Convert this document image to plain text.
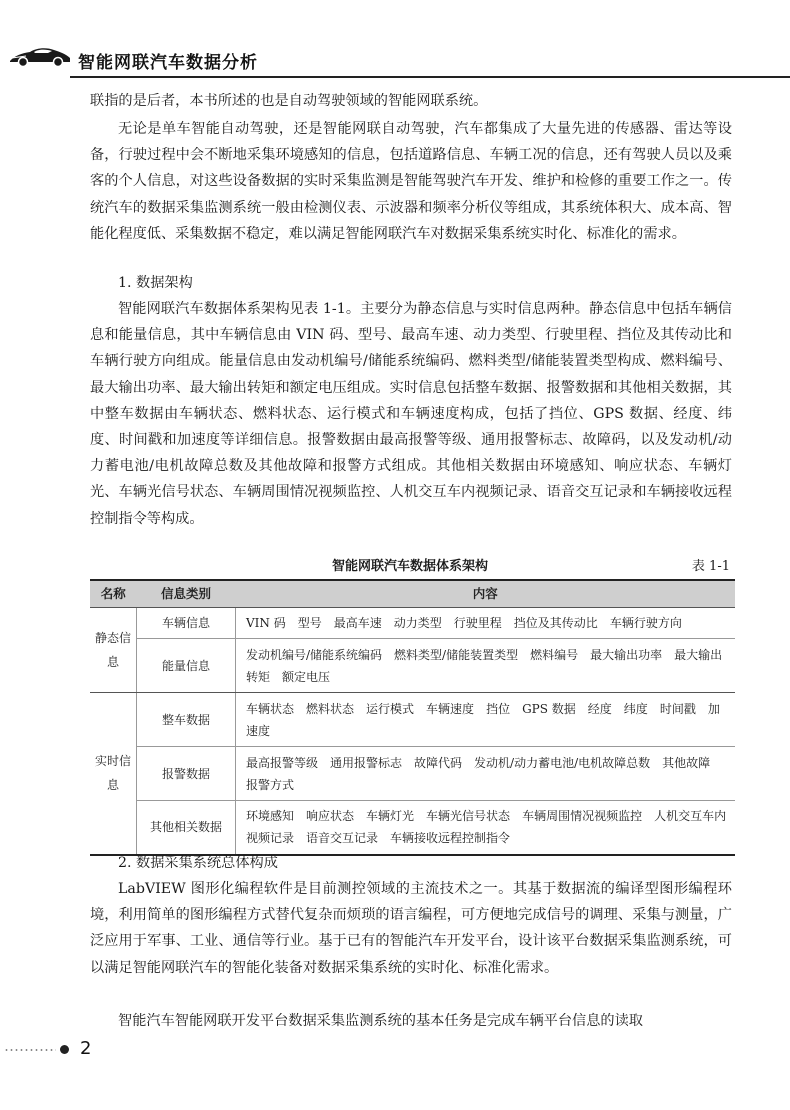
智能网联汽车数据分析

联指的是后者，本书所述的也是自动驾驶领域的智能网联系统。

无论是单车智能自动驾驶，还是智能网联自动驾驶，汽车都集成了大量先进的传感器、雷达等设备，行驶过程中会不断地采集环境感知的信息，包括道路信息、车辆工况的信息，还有驾驶人员以及乘客的个人信息，对这些设备数据的实时采集监测是智能驾驶汽车开发、维护和检修的重要工作之一。传统汽车的数据采集监测系统一般由检测仪表、示波器和频率分析仪等组成，其系统体积大、成本高、智能化程度低、采集数据不稳定，难以满足智能网联汽车对数据采集系统实时化、标准化的需求。

1. 数据架构

智能网联汽车数据体系架构见表 1-1。主要分为静态信息与实时信息两种。静态信息中包括车辆信息和能量信息，其中车辆信息由 VIN 码、型号、最高车速、动力类型、行驶里程、挡位及其传动比和车辆行驶方向组成。能量信息由发动机编号/储能系统编码、燃料类型/储能装置类型构成、燃料编号、最大输出功率、最大输出转矩和额定电压组成。实时信息包括整车数据、报警数据和其他相关数据，其中整车数据由车辆状态、燃料状态、运行模式和车辆速度构成，包括了挡位、GPS 数据、经度、纬度、时间戳和加速度等详细信息。报警数据由最高报警等级、通用报警标志、故障码，以及发动机/动力蓄电池/电机故障总数及其他故障和报警方式组成。其他相关数据由环境感知、响应状态、车辆灯光、车辆光信号状态、车辆周围情况视频监控、人机交互车内视频记录、语音交互记录和车辆接收远程控制指令等构成。

智能网联汽车数据体系架构	表 1-1
名称	信息类别	内容
静态信息	车辆信息	VIN 码 型号 最高车速 动力类型 行驶里程 挡位及其传动比 车辆行驶方向
	能量信息	发动机编号/储能系统编码 燃料类型/储能装置类型 燃料编号 最大输出功率 最大输出转矩 额定电压
实时信息	整车数据	车辆状态 燃料状态 运行模式 车辆速度 挡位 GPS 数据 经度 纬度 时间戳 加速度
	报警数据	最高报警等级 通用报警标志 故障代码 发动机/动力蓄电池/电机故障总数 其他故障报警方式
	其他相关数据	环境感知 响应状态 车辆灯光 车辆光信号状态 车辆周围情况视频监控 人机交互车内视频记录 语音交互记录 车辆接收远程控制指令

2. 数据采集系统总体构成

LabVIEW 图形化编程软件是目前测控领域的主流技术之一。其基于数据流的编译型图形编程环境，利用简单的图形编程方式替代复杂而烦琐的语言编程，可方便地完成信号的调理、采集与测量，广泛应用于军事、工业、通信等行业。基于已有的智能汽车开发平台，设计该平台数据采集监测系统，可以满足智能网联汽车的智能化装备对数据采集系统的实时化、标准化需求。

智能汽车智能网联开发平台数据采集监测系统的基本任务是完成车辆平台信息的读取

2
